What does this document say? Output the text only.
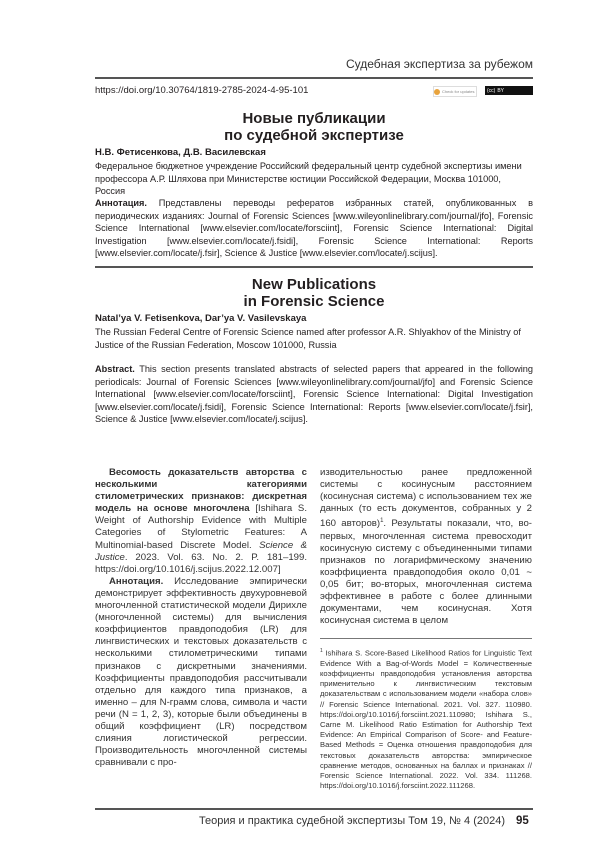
Судебная экспертиза за рубежом
https://doi.org/10.30764/1819-2785-2024-4-95-101	Check for updates	(cc) BY
Новые публикации
по судебной экспертизе
Н.В. Фетисенкова, Д.В. Василевская
Федеральное бюджетное учреждение Российский федеральный центр судебной экспертизы имени профессора А.Р. Шляхова при Министерстве юстиции Российской Федерации, Москва 101000, Россия
Аннотация. Представлены переводы рефератов избранных статей, опубликованных в периодических изданиях: Journal of Forensic Sciences [www.wileyonlinelibrary.com/journal/jfo], Forensic Science International [www.elsevier.com/locate/forsciint], Forensic Science International: Digital Investigation [www.elsevier.com/locate/j.fsidi], Forensic Science International: Reports [www.elsevier.com/locate/j.fsir], Science & Justice [www.elsevier.com/locate/j.scijus].
New Publications
in Forensic Science
Natal’ya V. Fetisenkova, Dar’ya V. Vasilevskaya
The Russian Federal Centre of Forensic Science named after professor A.R. Shlyakhov of the Ministry of Justice of the Russian Federation, Moscow 101000, Russia
Abstract. This section presents translated abstracts of selected papers that appeared in the following periodicals: Journal of Forensic Sciences [www.wileyonlinelibrary.com/journal/jfo] and Forensic Science International [www.elsevier.com/locate/forsciint], Forensic Science International: Digital Investigation [www.elsevier.com/locate/j.fsidi], Forensic Science International: Reports [www.elsevier.com/locate/j.fsir], Science & Justice [www.elsevier.com/locate/j.scijus].

Весомость доказательств авторства с несколькими категориями стилометрических признаков: дискретная модель на основе многочлена [Ishihara S. Weight of Authorship Evidence with Multiple Categories of Stylometric Features: A Multinomial-based Discrete Model. Science & Justice. 2023. Vol. 63. No. 2. P. 181–199. https://doi.org/10.1016/j.scijus.2022.12.007]

Аннотация. Исследование эмпирически демонстрирует эффективность двухуровневой многочленной статистической модели Дирихле (многочленной системы) для вычисления коэффициентов правдоподобия (LR) для лингвистических и текстовых доказательств с несколькими стилометрическими типами признаков с дискретными значениями. Коэффициенты правдоподобия рассчитывали отдельно для каждого типа признаков, а именно – для N-грамм слова, символа и части речи (N = 1, 2, 3), которые были объединены в общий коэффициент (LR) посредством слияния логистической регрессии. Производительность многочленной системы сравнивали с про-

изводительностью ранее предложенной системы с косинусным расстоянием (косинусная система) с использованием тех же данных (то есть документов, собранных у 2 160 авторов)1. Результаты показали, что, во-первых, многочленная система превосходит косинусную систему с объединенными типами признаков по логарифмическому значению коэффициента правдоподобия около 0,01 ~ 0,05 бит; во-вторых, многочленная система эффективнее в работе с более длинными документами, чем косинусная. Хотя косинусная система в целом

1 Ishihara S. Score-Based Likelihood Ratios for Linguistic Text Evidence With a Bag-of-Words Model = Количественные коэффициенты правдоподобия установления авторства применительно к лингвистическим текстовым доказательствам с использованием модели «набора слов» // Forensic Science International. 2021. Vol. 327. 110980. https://doi.org/10.1016/j.forsciint.2021.110980; Ishihara S., Carne M. Likelihood Ratio Estimation for Authorship Text Evidence: An Empirical Comparison of Score- and Feature-Based Methods = Оценка отношения правдоподобия для текстовых доказательств авторства: эмпирическое сравнение методов, основанных на баллах и признаках // Forensic Science International. 2022. Vol. 334. 111268. https://doi.org/10.1016/j.forsciint.2022.111268.
Теория и практика судебной экспертизы Том 19, № 4 (2024) 95
